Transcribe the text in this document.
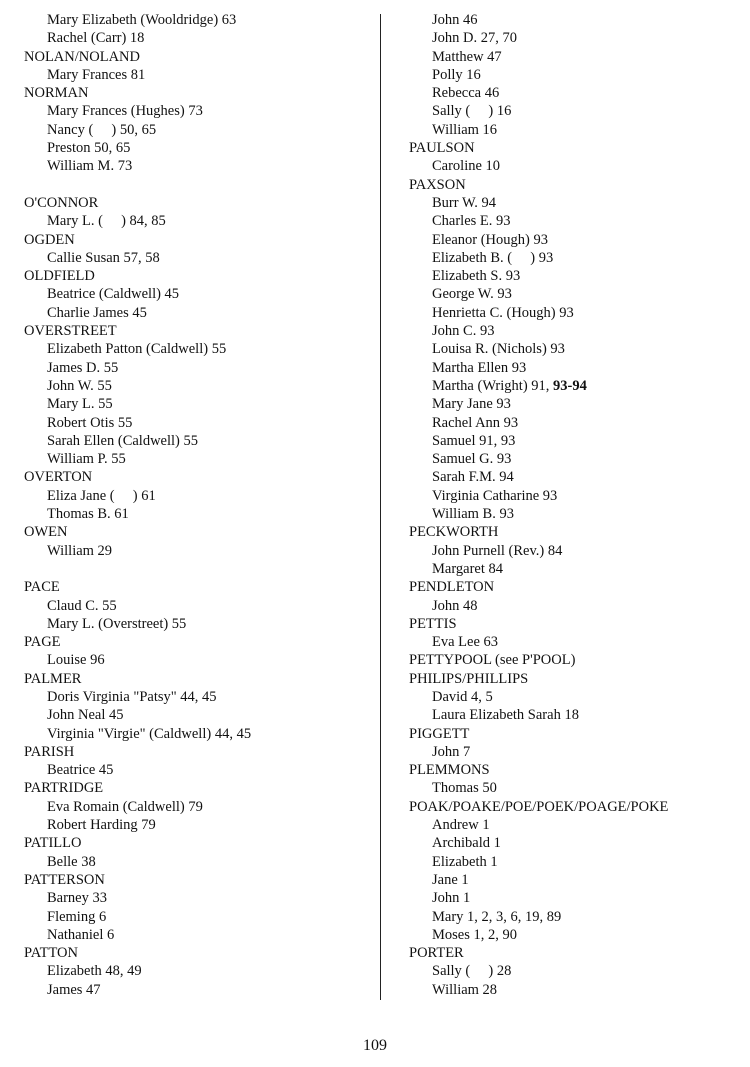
Mary Elizabeth (Wooldridge) 63
Rachel (Carr) 18
NOLAN/NOLAND
Mary Frances 81
NORMAN
Mary Frances (Hughes) 73
Nancy (     ) 50, 65
Preston 50, 65
William M. 73
O'CONNOR
Mary L. (     ) 84, 85
OGDEN
Callie Susan 57, 58
OLDFIELD
Beatrice (Caldwell) 45
Charlie James 45
OVERSTREET
Elizabeth Patton (Caldwell) 55
James D. 55
John W. 55
Mary L. 55
Robert Otis 55
Sarah Ellen (Caldwell) 55
William P. 55
OVERTON
Eliza Jane (     ) 61
Thomas B. 61
OWEN
William 29
PACE
Claud C. 55
Mary L. (Overstreet) 55
PAGE
Louise 96
PALMER
Doris Virginia "Patsy" 44, 45
John Neal 45
Virginia "Virgie" (Caldwell) 44, 45
PARISH
Beatrice 45
PARTRIDGE
Eva Romain (Caldwell) 79
Robert Harding 79
PATILLO
Belle 38
PATTERSON
Barney 33
Fleming 6
Nathaniel 6
PATTON
Elizabeth 48, 49
James 47
John 46
John D. 27, 70
Matthew 47
Polly 16
Rebecca 46
Sally (     ) 16
William 16
PAULSON
Caroline 10
PAXSON
Burr W. 94
Charles E. 93
Eleanor (Hough) 93
Elizabeth B. (     ) 93
Elizabeth S. 93
George W. 93
Henrietta C. (Hough) 93
John C. 93
Louisa R. (Nichols) 93
Martha Ellen 93
Martha (Wright) 91, 93-94
Mary Jane 93
Rachel Ann 93
Samuel 91, 93
Samuel G. 93
Sarah F.M. 94
Virginia Catharine 93
William B. 93
PECKWORTH
John Purnell (Rev.) 84
Margaret 84
PENDLETON
John 48
PETTIS
Eva Lee 63
PETTYPOOL (see P'POOL)
PHILIPS/PHILLIPS
David 4, 5
Laura Elizabeth Sarah 18
PIGGETT
John 7
PLEMMONS
Thomas 50
POAK/POAKE/POE/POEK/POAGE/POKE
Andrew 1
Archibald 1
Elizabeth 1
Jane 1
John 1
Mary 1, 2, 3, 6, 19, 89
Moses 1, 2, 90
PORTER
Sally (     ) 28
William 28
109
